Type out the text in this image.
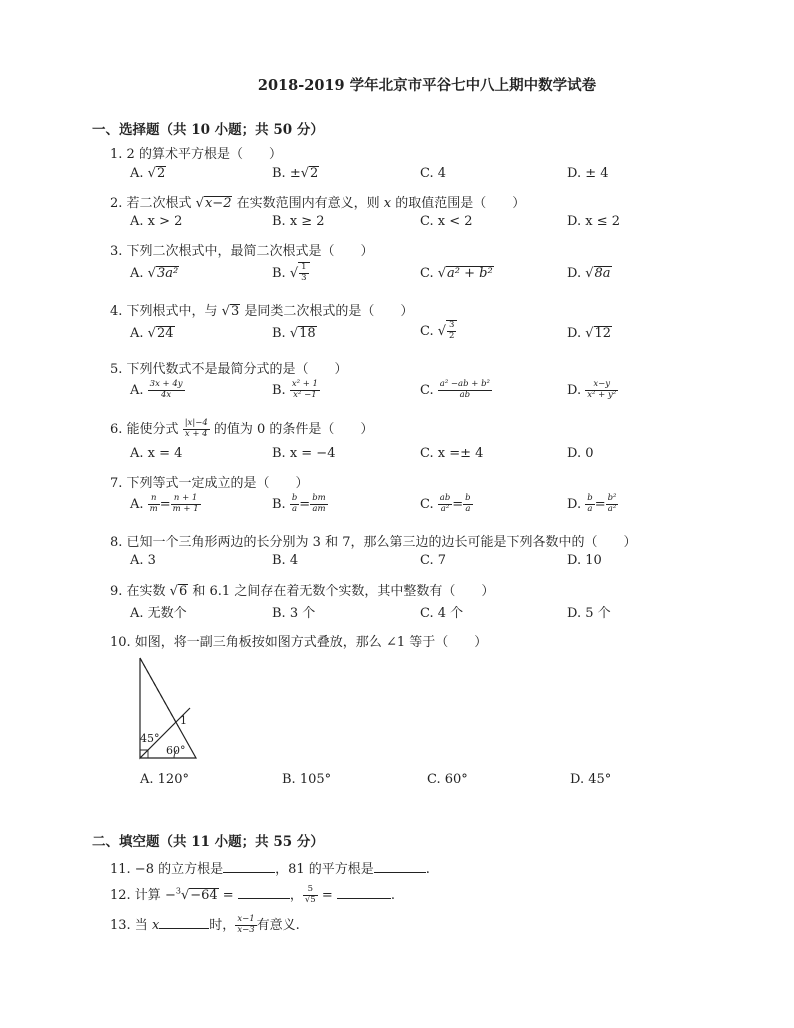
2018-2019 学年北京市平谷七中八上期中数学试卷
一、选择题（共 10 小题；共 50 分）
1. 2 的算术平方根是（　　）
A. √2	B. ±√2	C. 4	D. ± 4
2. 若二次根式 √x−2 在实数范围内有意义，则 x 的取值范围是（　　）
A. x > 2	B. x ≥ 2	C. x < 2	D. x ≤ 2
3. 下列二次根式中，最简二次根式是（　　）
A. √3a²	B. √ $\frac{1}{3}$	C. √a² + b²	D. √8a
4. 下列根式中，与 √3 是同类二次根式的是（　　）
A. √24	B. √18	C. √ $\frac{3}{2}$	D. √12
5. 下列代数式不是最简分式的是（　　）
A. $\frac{3x + 4y}{4x}$	B. $\frac{\text{x² + 1}}{\text{x² −1}}$	C. $\frac{\text{a² −ab + b²}}{ab}$	D. $\frac{x-y}{\text{x² + y²}}$
6. 能使分式 $\frac{|x|-4}{x + 4}$ 的值为 0 的条件是（　　）
A. x = 4	B. x = −4	C. x =± 4	D. 0
7. 下列等式一定成立的是（　　）
A. $\frac{n}{m} = \frac{n + 1}{m + 1}$	B. $\frac{b}{a} = \frac{bm}{am}$	C. $\frac{ab}{\text{a²}} = \frac{b}{a}$	D. $\frac{b}{a} = \frac{\text{b²}}{\text{a²}}$
8. 已知一个三角形两边的长分别为 3 和 7，那么第三边的边长可能是下列各数中的（　　）
A. 3	B. 4	C. 7	D. 10
9. 在实数 √6 和 6.1 之间存在着无数个实数，其中整数有（　　）
A. 无数个	B. 3 个	C. 4 个	D. 5 个
10. 如图，将一副三角板按如图方式叠放，那么 ∠1 等于（　　）
45°
60°
1
A. 120°	B. 105°	C. 60°	D. 45°
二、填空题（共 11 小题；共 55 分）
11. −8 的立方根是	，81 的平方根是	.
12. 计算 −$^3$√−64 =	， $\frac{5}{√5}$ =	.
13. 当 x	时， $\frac{x-1}{x-3}$ 有意义.
